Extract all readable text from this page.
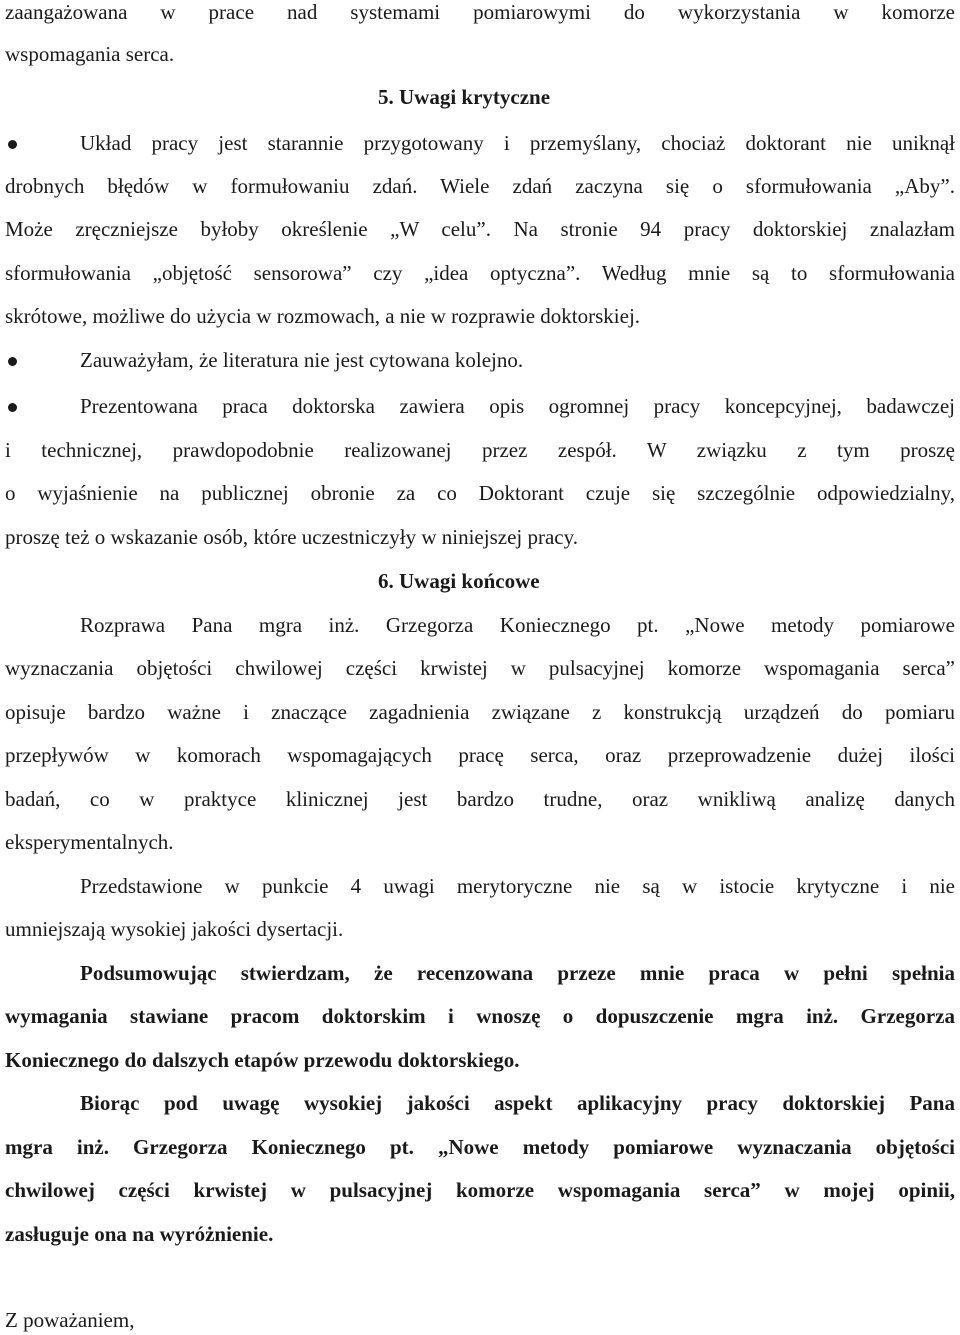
zaangażowana w prace nad systemami pomiarowymi do wykorzystania w komorze
wspomagania serca.
5. Uwagi krytyczne
Układ pracy jest starannie przygotowany i przemyślany, chociaż doktorant nie uniknął
drobnych błędów w formułowaniu zdań. Wiele zdań zaczyna się o sformułowania „Aby”.
Może zręczniejsze byłoby określenie „W celu”. Na stronie 94 pracy doktorskiej znalazłam
sformułowania „objętość sensorowa” czy „idea optyczna”. Według mnie są to sformułowania
skrótowe, możliwe do użycia w rozmowach, a nie w rozprawie doktorskiej.
Zauważyłam, że literatura nie jest cytowana kolejno.
Prezentowana praca doktorska zawiera opis ogromnej pracy koncepcyjnej, badawczej
i technicznej, prawdopodobnie realizowanej przez zespół. W związku z tym proszę
o wyjaśnienie na publicznej obronie za co Doktorant czuje się szczególnie odpowiedzialny,
proszę też o wskazanie osób, które uczestniczyły w niniejszej pracy.
6. Uwagi końcowe
Rozprawa Pana mgra inż. Grzegorza Koniecznego pt. „Nowe metody pomiarowe
wyznaczania objętości chwilowej części krwistej w pulsacyjnej komorze wspomagania serca”
opisuje bardzo ważne i znaczące zagadnienia związane z konstrukcją urządzeń do pomiaru
przepływów w komorach wspomagających pracę serca, oraz przeprowadzenie dużej ilości
badań, co w praktyce klinicznej jest bardzo trudne, oraz wnikliwą analizę danych
eksperymentalnych.
Przedstawione w punkcie 4 uwagi merytoryczne nie są w istocie krytyczne i nie
umniejszają wysokiej jakości dysertacji.
Podsumowując stwierdzam, że recenzowana przeze mnie praca w pełni spełnia
wymagania stawiane pracom doktorskim i wnoszę o dopuszczenie mgra inż. Grzegorza
Koniecznego do dalszych etapów przewodu doktorskiego.
Biorąc pod uwagę wysokiej jakości aspekt aplikacyjny pracy doktorskiej Pana
mgra inż. Grzegorza Koniecznego pt. „Nowe metody pomiarowe wyznaczania objętości
chwilowej części krwistej w pulsacyjnej komorze wspomagania serca” w mojej opinii,
zasługuje ona na wyróżnienie.
Z poważaniem,
